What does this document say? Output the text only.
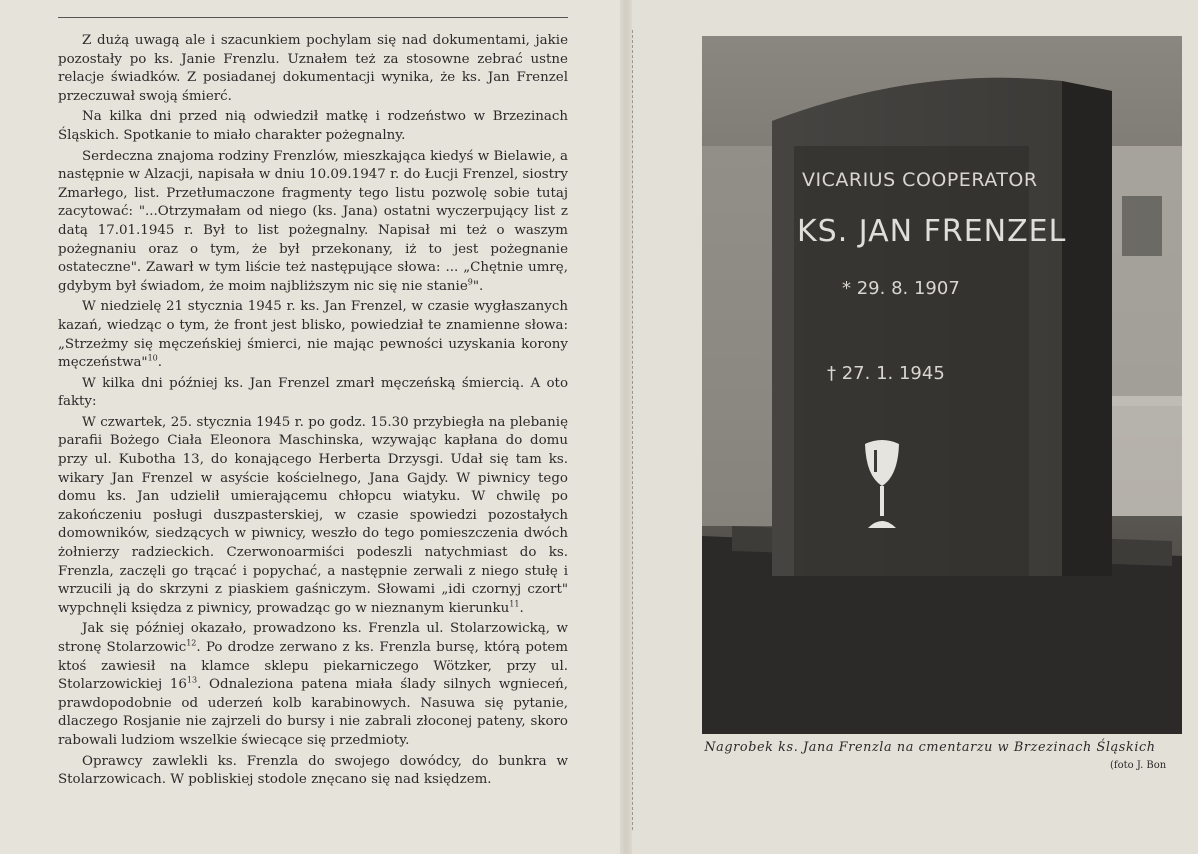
Z dużą uwagą ale i szacunkiem pochylam się nad dokumentami, jakie pozostały po ks. Janie Frenzlu. Uznałem też za stosowne zebrać ustne relacje świadków. Z posiadanej dokumentacji wynika, że ks. Jan Frenzel przeczuwał swoją śmierć.

Na kilka dni przed nią odwiedził matkę i rodzeństwo w Brzezinach Śląskich. Spotkanie to miało charakter pożegnalny.

Serdeczna znajoma rodziny Frenzlów, mieszkająca kiedyś w Bielawie, a następnie w Alzacji, napisała w dniu 10.09.1947 r. do Łucji Frenzel, siostry Zmarłego, list. Przetłumaczone fragmenty tego listu pozwolę sobie tutaj zacytować: "...Otrzymałam od niego (ks. Jana) ostatni wyczerpujący list z datą 17.01.1945 r. Był to list pożegnalny. Napisał mi też o waszym pożegnaniu oraz o tym, że był przekonany, iż to jest pożegnanie ostateczne". Zawarł w tym liście też następujące słowa: ... „Chętnie umrę, gdybym był świadom, że moim najbliższym nic się nie stanie$^9$".

W niedzielę 21 stycznia 1945 r. ks. Jan Frenzel, w czasie wygłaszanych kazań, wiedząc o tym, że front jest blisko, powiedział te znamienne słowa: „Strzeżmy się męczeńskiej śmierci, nie mając pewności uzyskania korony męczeństwa"$^{10}$.

W kilka dni później ks. Jan Frenzel zmarł męczeńską śmiercią. A oto fakty:

W czwartek, 25. stycznia 1945 r. po godz. 15.30 przybiegła na plebanię parafii Bożego Ciała Eleonora Maschinska, wzywając kapłana do domu przy ul. Kubotha 13, do konającego Herberta Drzysgi. Udał się tam ks. wikary Jan Frenzel w asyście kościelnego, Jana Gajdy. W piwnicy tego domu ks. Jan udzielił umierającemu chłopcu wiatyku. W chwilę po zakończeniu posługi duszpasterskiej, w czasie spowiedzi pozostałych domowników, siedzących w piwnicy, weszło do tego pomieszczenia dwóch żołnierzy radzieckich. Czerwonoarmiści podeszli natychmiast do ks. Frenzla, zaczęli go trącać i popychać, a następnie zerwali z niego stułę i wrzucili ją do skrzyni z piaskiem gaśniczym. Słowami „idi czornyj czort" wypchnęli księdza z piwnicy, prowadząc go w nieznanym kierunku$^{11}$.

Jak się później okazało, prowadzono ks. Frenzla ul. Stolarzowicką, w stronę Stolarzowic$^{12}$. Po drodze zerwano z ks. Frenzla bursę, którą potem ktoś zawiesił na klamce sklepu piekarniczego Wötzker, przy ul. Stolarzowickiej $16^{13}$. Odnaleziona patena miała ślady silnych wgnieceń, prawdopodobnie od uderzeń kolb karabinowych. Nasuwa się pytanie, dlaczego Rosjanie nie zajrzeli do bursy i nie zabrali złoconej pateny, skoro rabowali ludziom wszelkie świecące się przedmioty.

Oprawcy zawlekli ks. Frenzla do swojego dowódcy, do bunkra w Stolarzowicach. W pobliskiej stodole znęcano się nad księdzem.

VICARIUS COOPERATOR
KS. JAN FRENZEL
* 29. 8. 1907
† 27. 1. 1945
Nagrobek ks. Jana Frenzla na cmentarzu w Brzezinach Śląskich
(foto J. Bon
